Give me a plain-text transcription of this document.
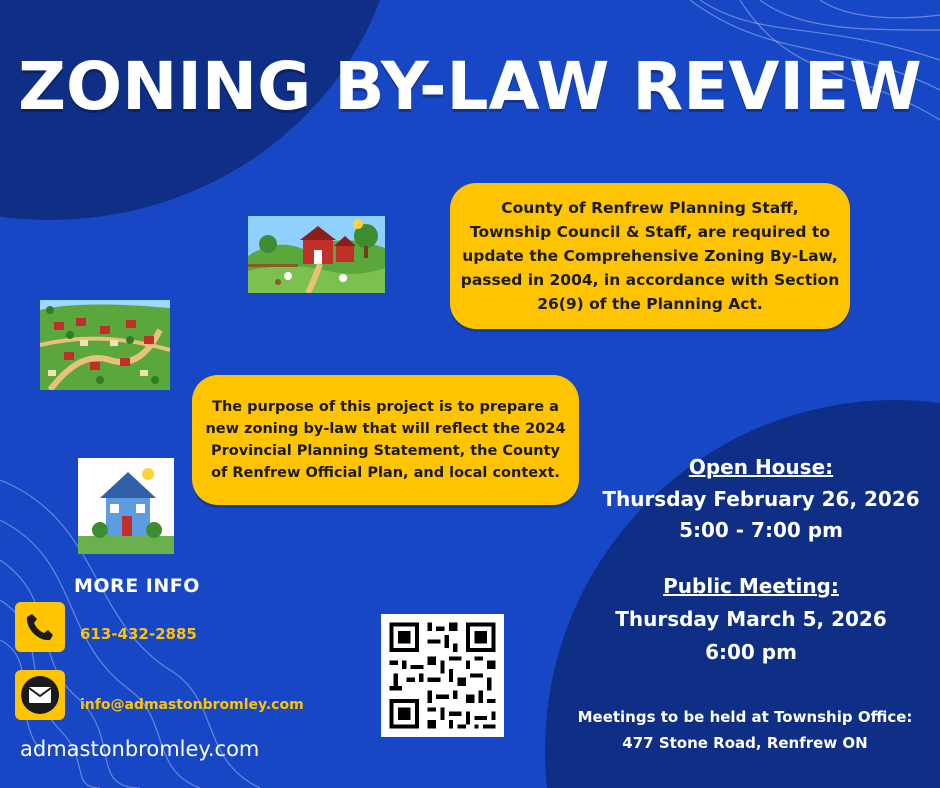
ZONING BY-LAW REVIEW
County of Renfrew Planning Staff,
Township Council & Staff, are required to
update the Comprehensive Zoning By-Law,
passed in 2004, in accordance with Section
26(9) of the Planning Act.
The purpose of this project is to prepare a
new zoning by-law that will reflect the 2024
Provincial Planning Statement, the County
of Renfrew Official Plan, and local context.	Open House:
Thursday February 26, 2026
5:00 - 7:00 pm
Public Meeting:
Thursday March 5, 2026
6:00 pm
Meetings to be held at Township Office:
477 Stone Road, Renfrew ON
MORE INFO
613-432-2885
info@admastonbromley.com
admastonbromley.com
